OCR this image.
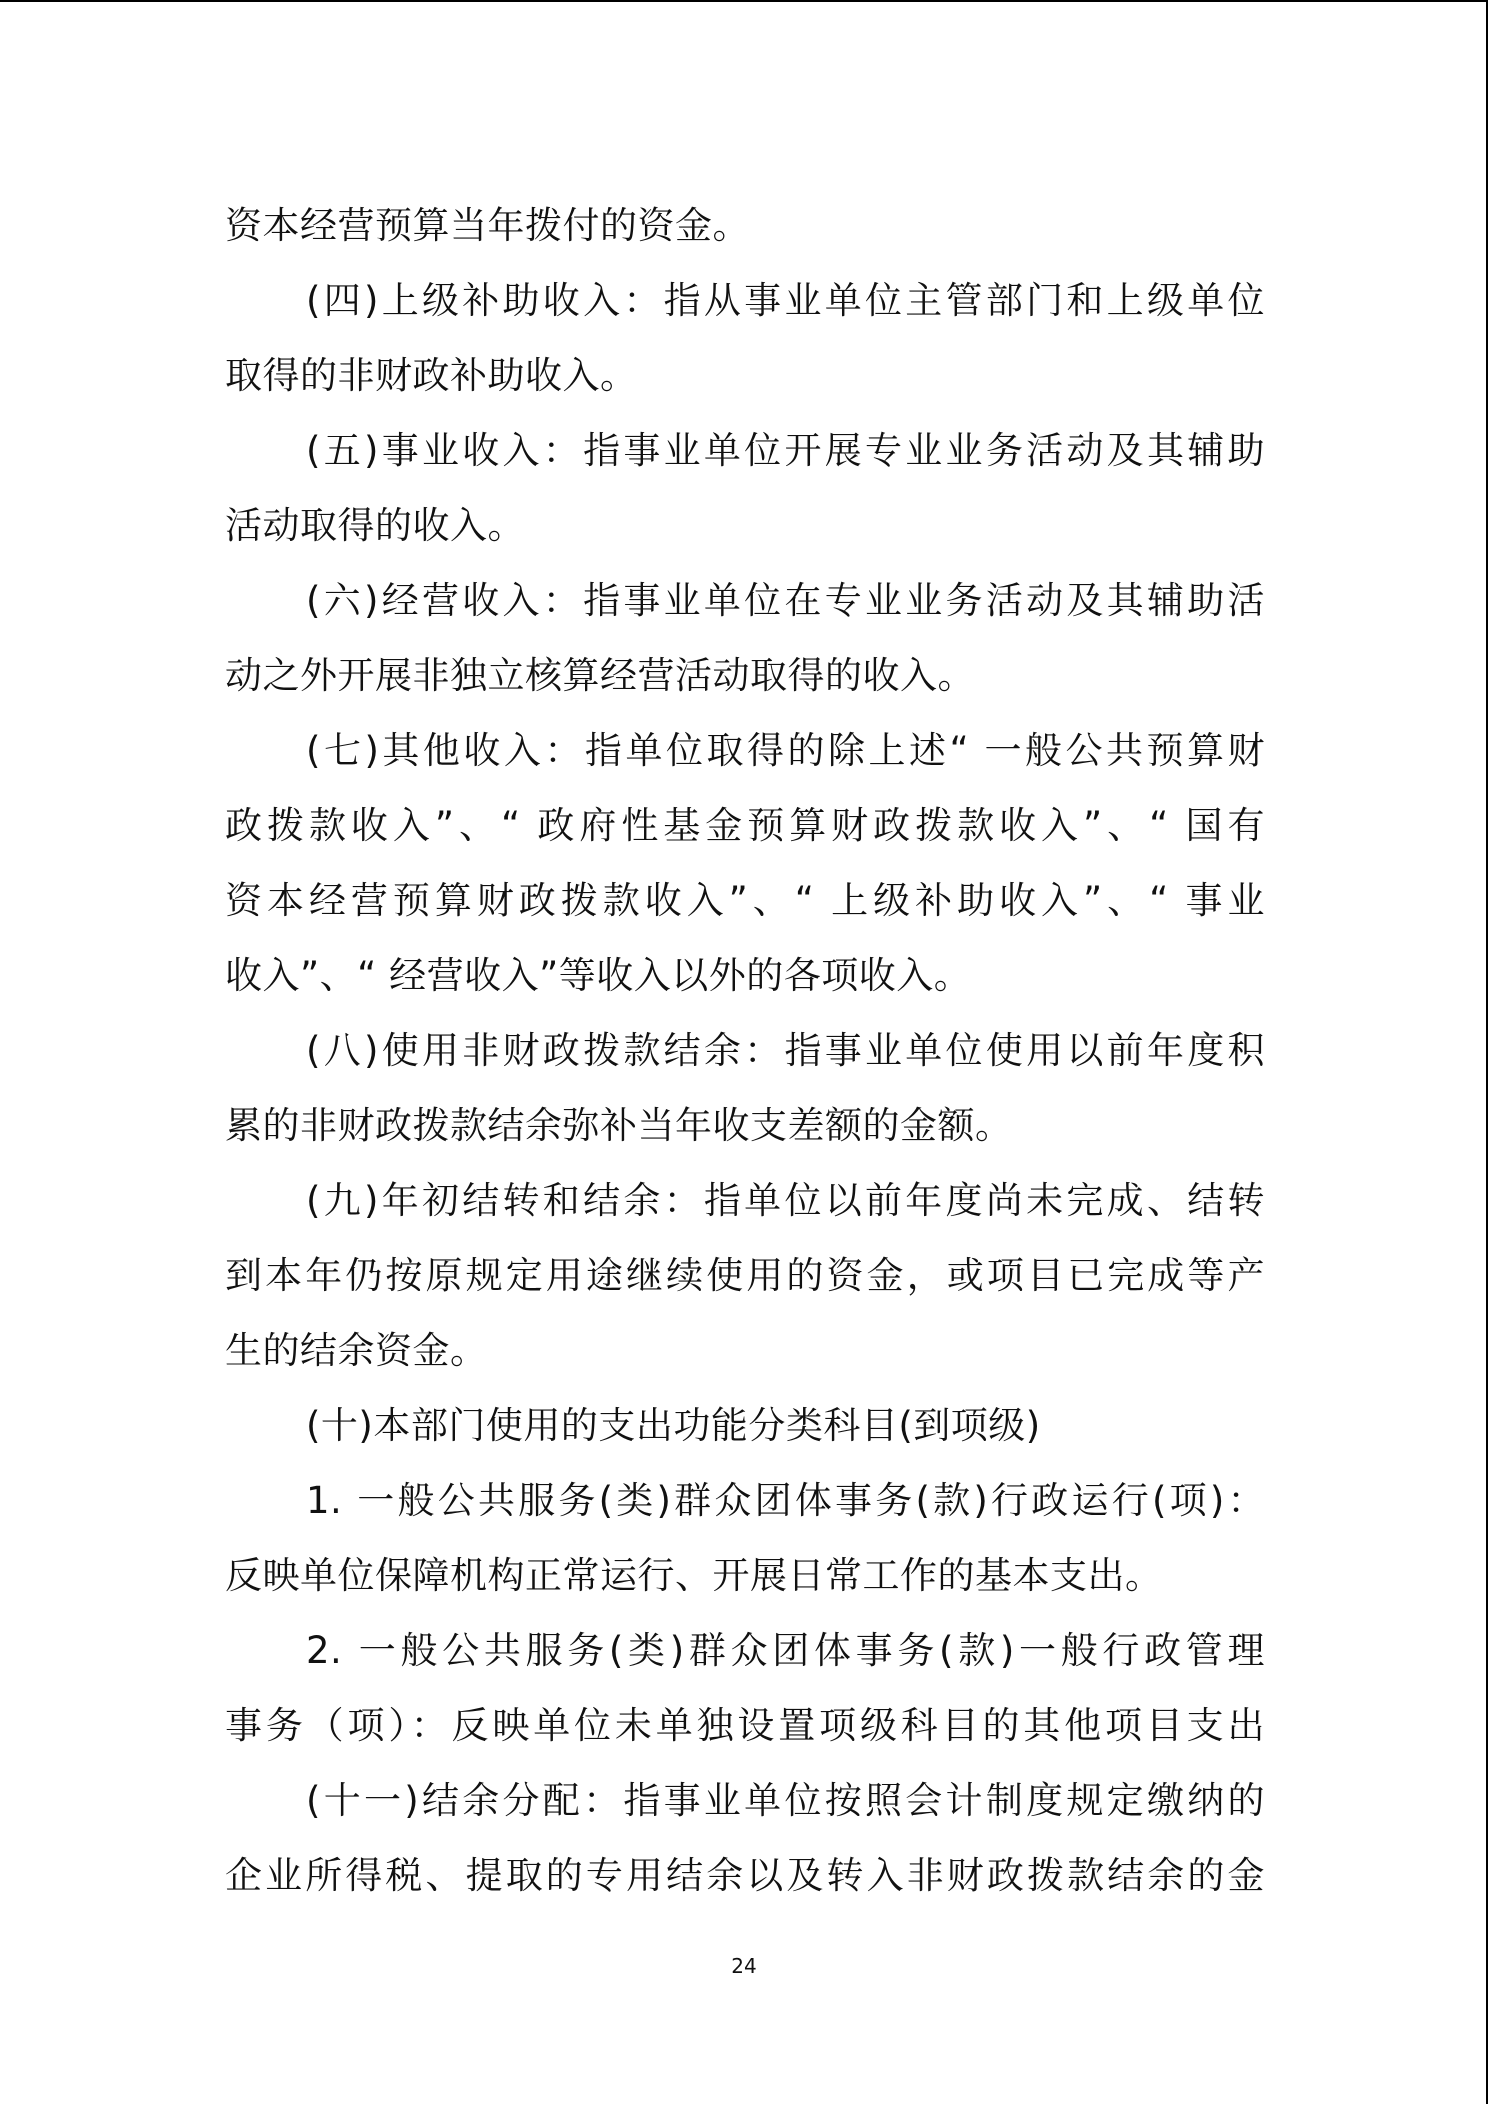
资本经营预算当年拨付的资金。
(四)上级补助收入：指从事业单位主管部门和上级单位
取得的非财政补助收入。
(五)事业收入：指事业单位开展专业业务活动及其辅助
活动取得的收入。
(六)经营收入：指事业单位在专业业务活动及其辅助活
动之外开展非独立核算经营活动取得的收入。
(七)其他收入：指单位取得的除上述“ 一般公共预算财
政拨款收入”、“ 政府性基金预算财政拨款收入”、“ 国有
资本经营预算财政拨款收入”、“ 上级补助收入”、“ 事业
收入”、“ 经营收入”等收入以外的各项收入。
(八)使用非财政拨款结余：指事业单位使用以前年度积
累的非财政拨款结余弥补当年收支差额的金额。
(九)年初结转和结余：指单位以前年度尚未完成、结转
到本年仍按原规定用途继续使用的资金，或项目已完成等产
生的结余资金。
(十)本部门使用的支出功能分类科目(到项级)
1. 一般公共服务(类)群众团体事务(款)行政运行(项)：
反映单位保障机构正常运行、开展日常工作的基本支出。
2. 一般公共服务(类)群众团体事务(款)一般行政管理
事务（项）：反映单位未单独设置项级科目的其他项目支出
(十一)结余分配：指事业单位按照会计制度规定缴纳的
企业所得税、提取的专用结余以及转入非财政拨款结余的金
24
